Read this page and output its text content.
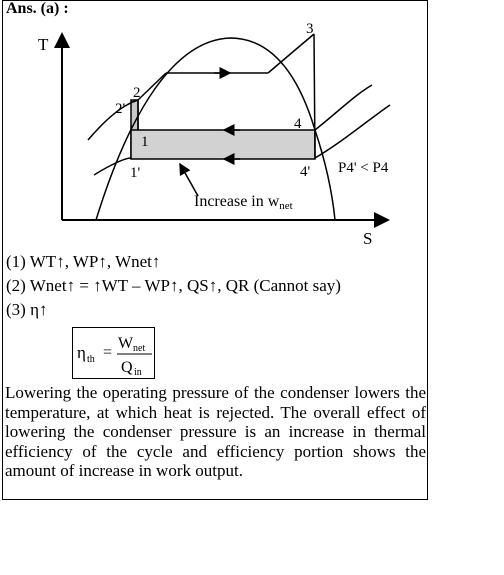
Ans. (a) :
T
S
2
2'
3
1
1'
4
4' P4' < P4
Increase in wnet
(1) WT↑, WP↑, Wnet↑
(2) Wnet↑ = ↑WT – WP↑, QS↑, QR (Cannot say)
(3) η↑
η th =
W net
Q in
Lowering the operating pressure of the condenser lowers the temperature, at which heat is rejected. The overall effect of lowering the condenser pressure is an increase in thermal efficiency of the cycle and efficiency portion shows the amount of increase in work output.
